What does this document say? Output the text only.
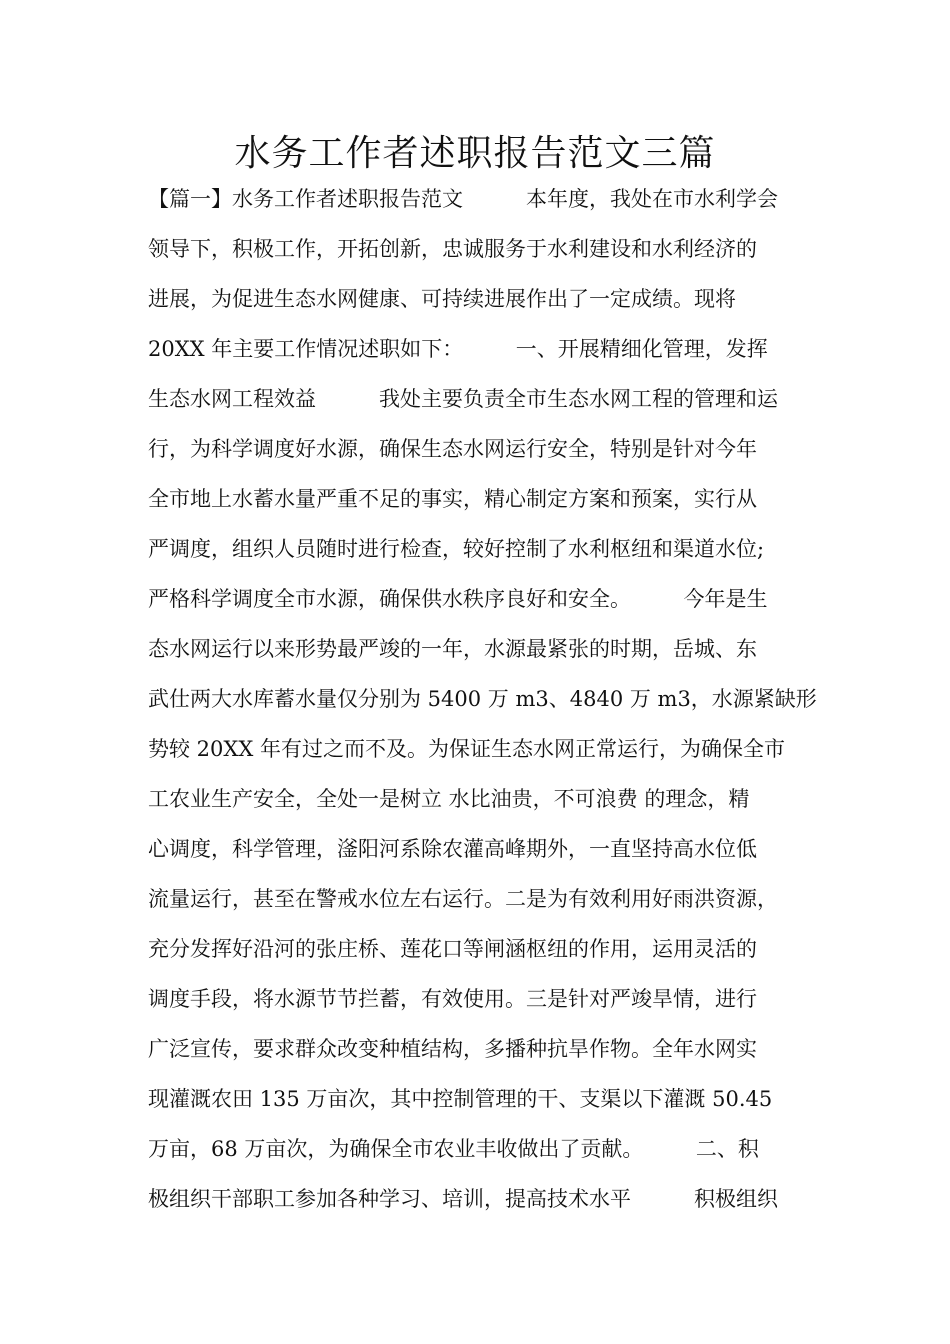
水务工作者述职报告范文三篇
【篇一】水务工作者述职报告范文　　　本年度，我处在市水利学会
领导下，积极工作，开拓创新，忠诚服务于水利建设和水利经济的
进展，为促进生态水网健康、可持续进展作出了一定成绩。现将
20XX 年主要工作情况述职如下：　　　一、开展精细化管理，发挥
生态水网工程效益　　　我处主要负责全市生态水网工程的管理和运
行，为科学调度好水源，确保生态水网运行安全，特别是针对今年
全市地上水蓄水量严重不足的事实，精心制定方案和预案，实行从
严调度，组织人员随时进行检查，较好控制了水利枢纽和渠道水位;
严格科学调度全市水源，确保供水秩序良好和安全。　　　今年是生
态水网运行以来形势最严竣的一年，水源最紧张的时期，岳城、东
武仕两大水库蓄水量仅分别为 5400 万 m3、4840 万 m3，水源紧缺形
势较 20XX 年有过之而不及。为保证生态水网正常运行，为确保全市
工农业生产安全，全处一是树立 水比油贵，不可浪费 的理念，精
心调度，科学管理，滏阳河系除农灌高峰期外，一直坚持高水位低
流量运行，甚至在警戒水位左右运行。二是为有效利用好雨洪资源，
充分发挥好沿河的张庄桥、莲花口等闸涵枢纽的作用，运用灵活的
调度手段，将水源节节拦蓄，有效使用。三是针对严竣旱情，进行
广泛宣传，要求群众改变种植结构，多播种抗旱作物。全年水网实
现灌溉农田 135 万亩次，其中控制管理的干、支渠以下灌溉 50.45
万亩，68 万亩次，为确保全市农业丰收做出了贡献。　　　二、积
极组织干部职工参加各种学习、培训，提高技术水平　　　积极组织
